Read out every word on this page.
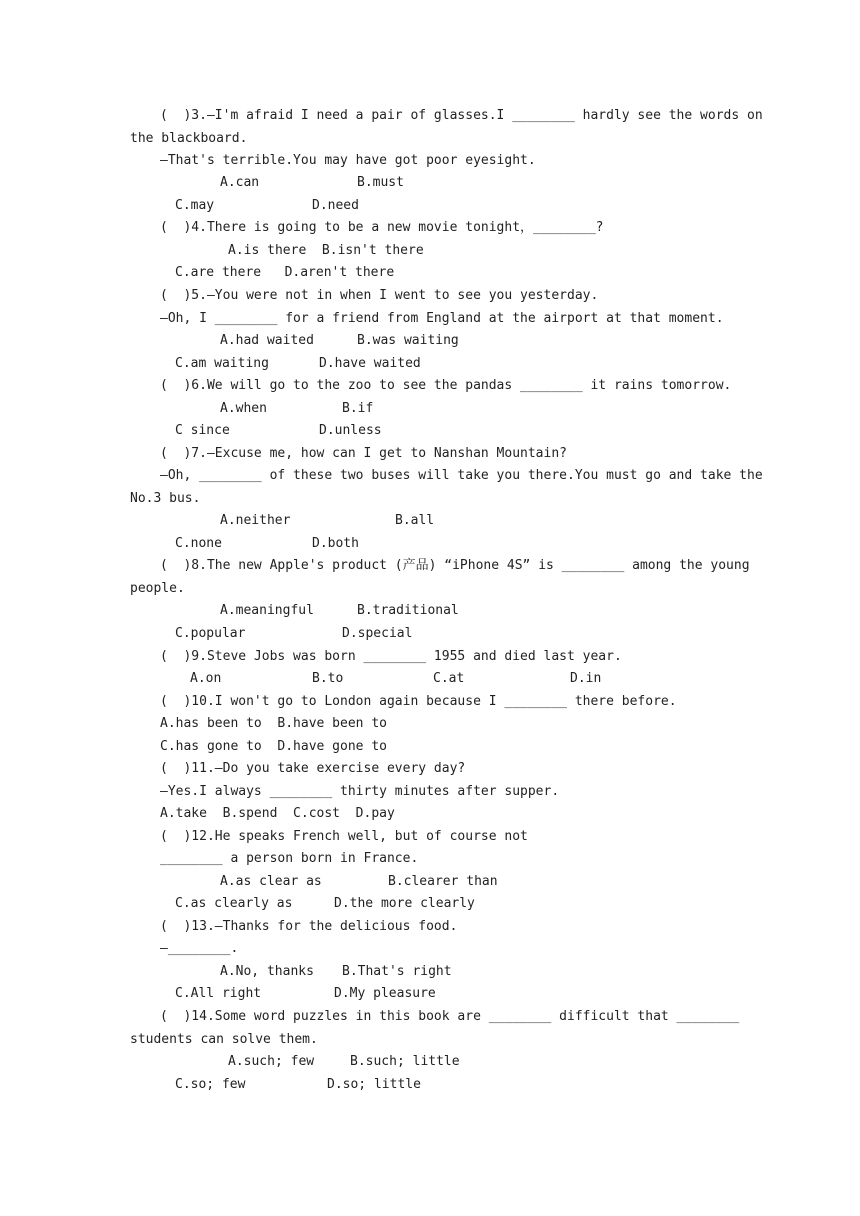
(  )3.—I'm afraid I need a pair of glasses.I ________ hardly see the words on
the blackboard.
—That's terrible.You may have got poor eyesight.
A.can	B.must
C.may	D.need
(  )4.There is going to be a new movie tonight，________?
A.is there  B.isn't there
C.are there   D.aren't there
(  )5.—You were not in when I went to see you yesterday.
—Oh, I ________ for a friend from England at the airport at that moment.
A.had waited	B.was waiting
C.am waiting	D.have waited
(  )6.We will go to the zoo to see the pandas ________ it rains tomorrow.
A.when	B.if
C since	D.unless
(  )7.—Excuse me, how can I get to Nanshan Mountain?
—Oh, ________ of these two buses will take you there.You must go and take the
No.3 bus.
A.neither	B.all
C.none	D.both
(  )8.The new Apple's product (产品) “iPhone 4S” is ________ among the young
people.
A.meaningful	B.traditional
C.popular	D.special
(  )9.Steve Jobs was born ________ 1955 and died last year.
A.on	B.to	C.at	D.in
(  )10.I won't go to London again because I ________ there before.
A.has been to  B.have been to
C.has gone to  D.have gone to
(  )11.—Do you take exercise every day?
—Yes.I always ________ thirty minutes after supper.
A.take  B.spend  C.cost  D.pay
(  )12.He speaks French well, but of course not
________ a person born in France.
A.as clear as	B.clearer than
C.as clearly as	D.the more clearly
(  )13.—Thanks for the delicious food.
—________.
A.No, thanks B.That's right
C.All right	D.My pleasure
(  )14.Some word puzzles in this book are ________ difficult that ________
students can solve them.
A.such; few	B.such; little
C.so; few	D.so; little
